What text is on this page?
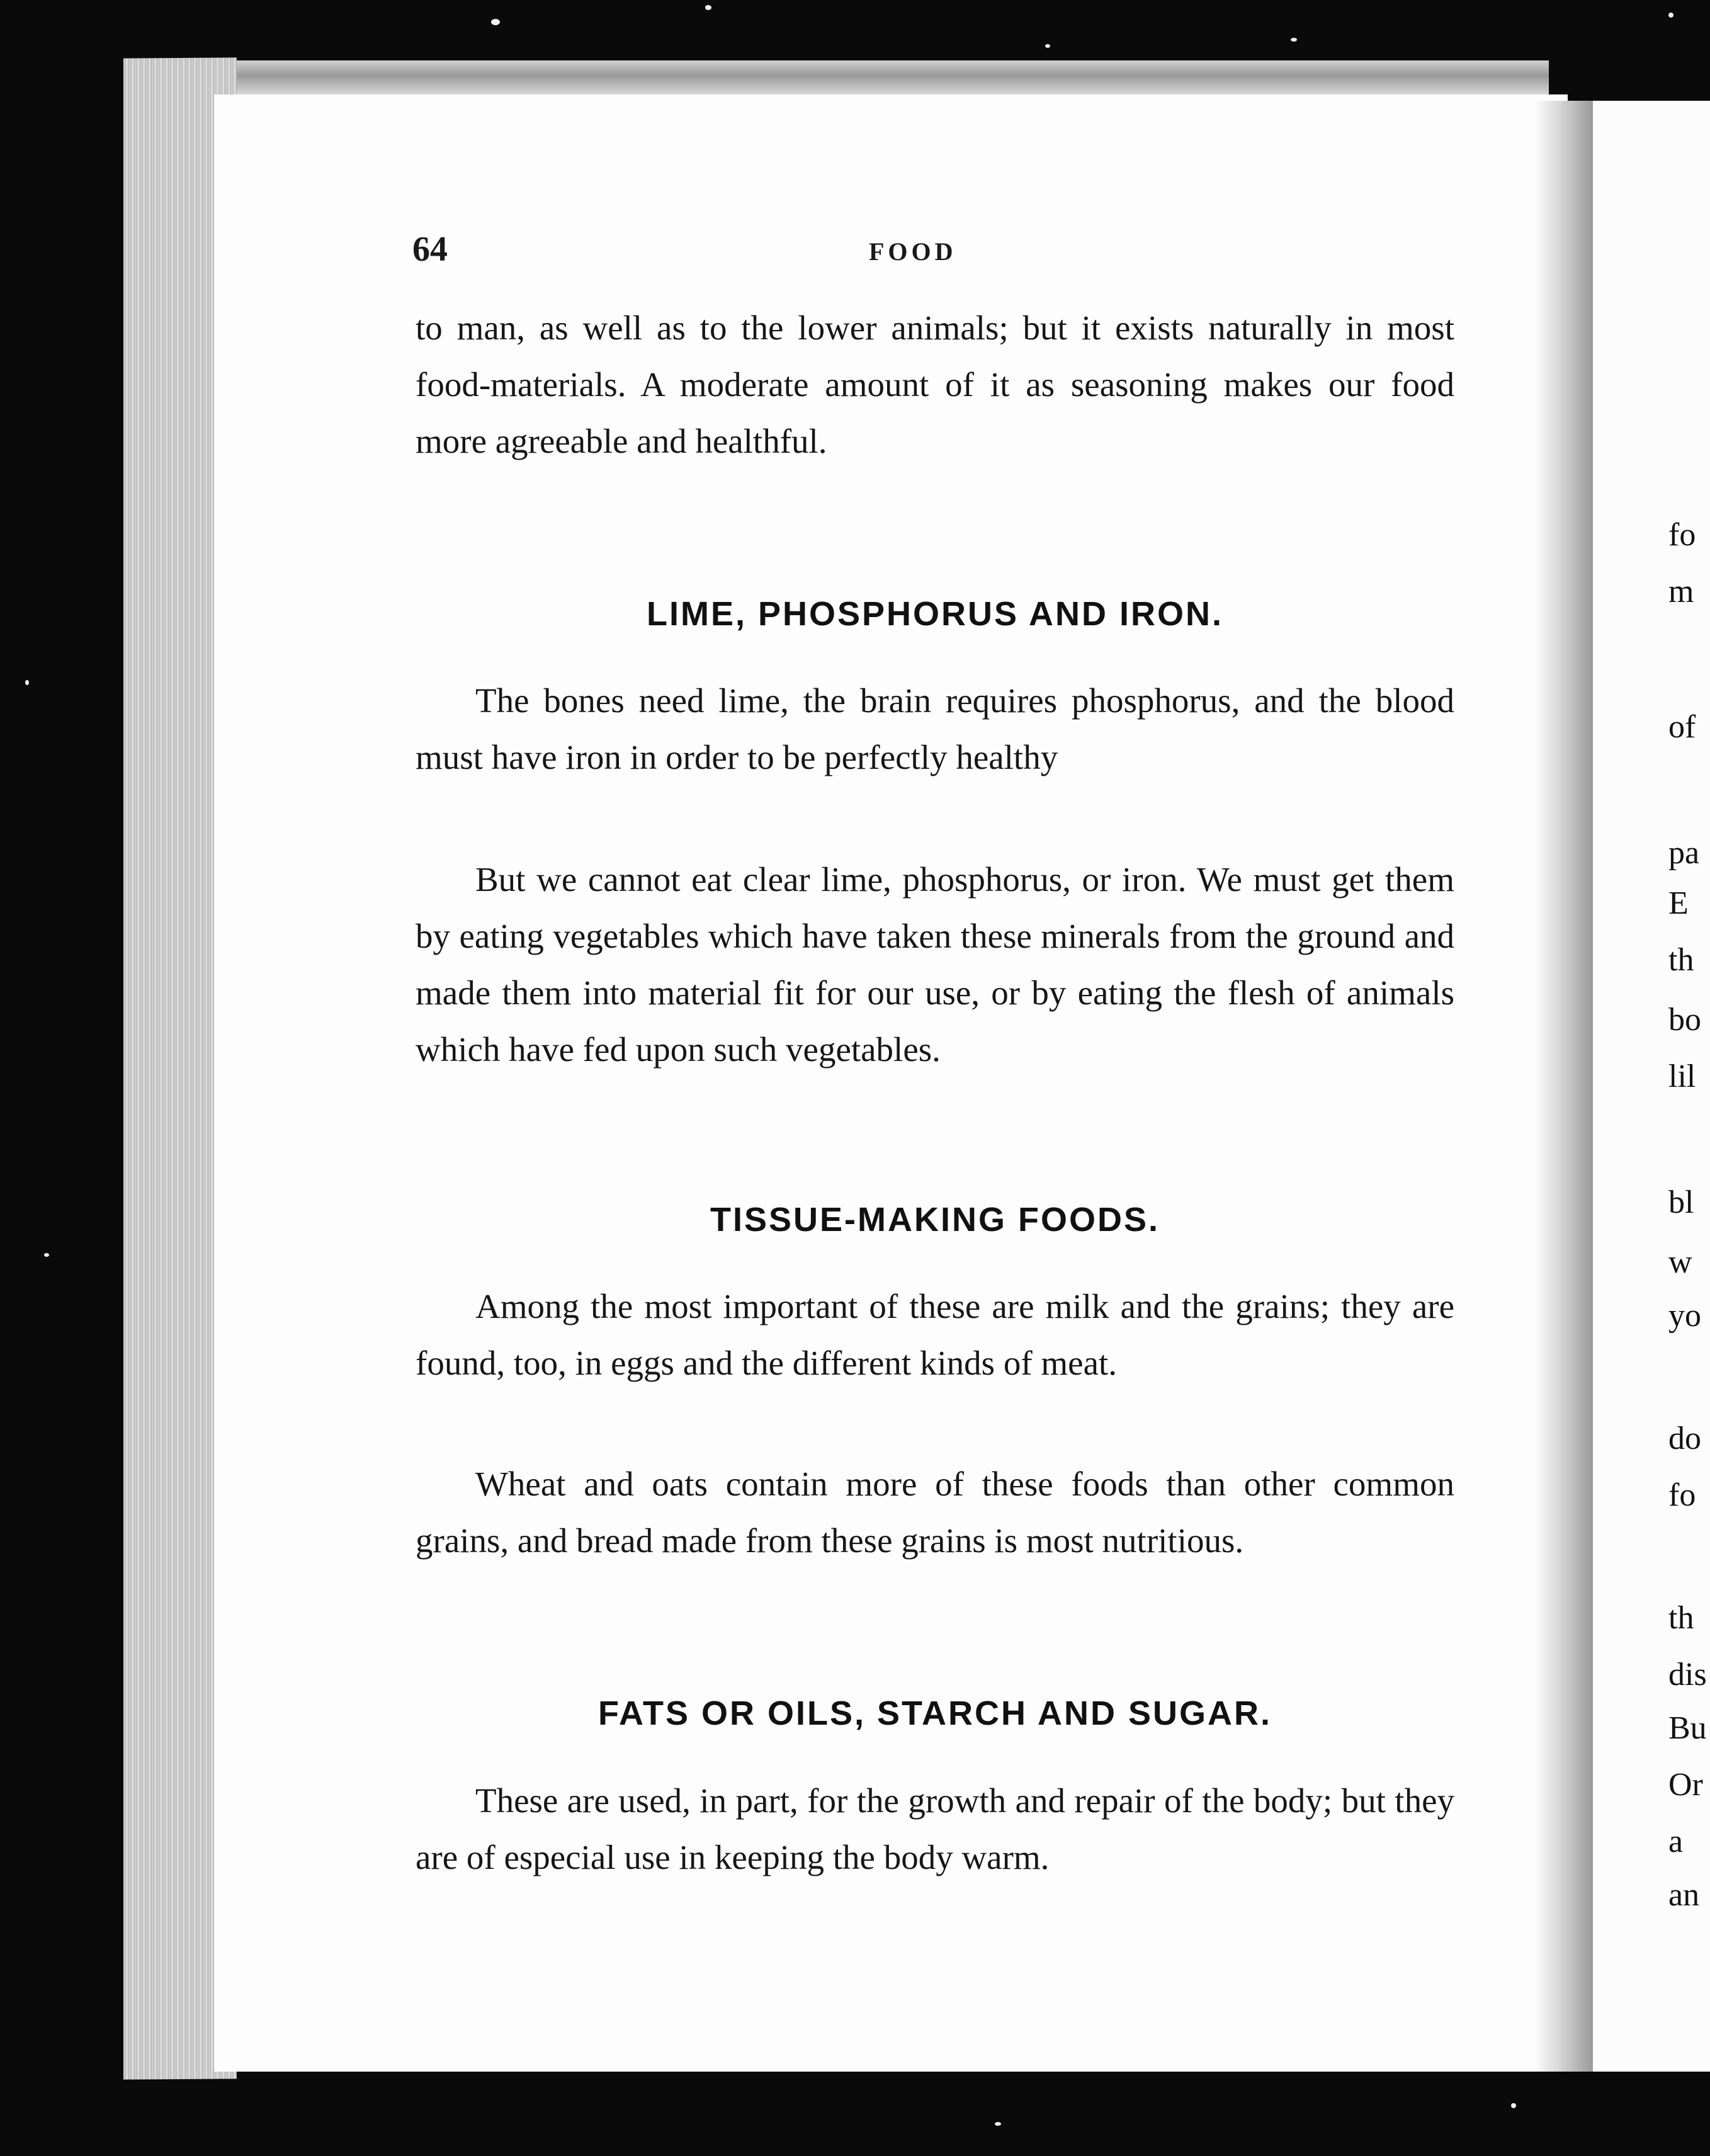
fo
m
of
pa
E
th
bo
lil
bl
w
yo
do
fo
th
dis
Bu
Or
a
an
64	FOOD

to man, as well as to the lower animals; but it exists naturally in most food-materials. A moderate amount of it as seasoning makes our food more agreeable and healthful.

LIME, PHOSPHORUS AND IRON.

The bones need lime, the brain requires phosphorus, and the blood must have iron in order to be perfectly healthy

But we cannot eat clear lime, phosphorus, or iron. We must get them by eating vegetables which have taken these minerals from the ground and made them into material fit for our use, or by eating the flesh of animals which have fed upon such vegetables.

TISSUE-MAKING FOODS.

Among the most important of these are milk and the grains; they are found, too, in eggs and the different kinds of meat.

Wheat and oats contain more of these foods than other common grains, and bread made from these grains is most nutritious.

FATS OR OILS, STARCH AND SUGAR.

These are used, in part, for the growth and repair of the body; but they are of especial use in keeping the body warm.
